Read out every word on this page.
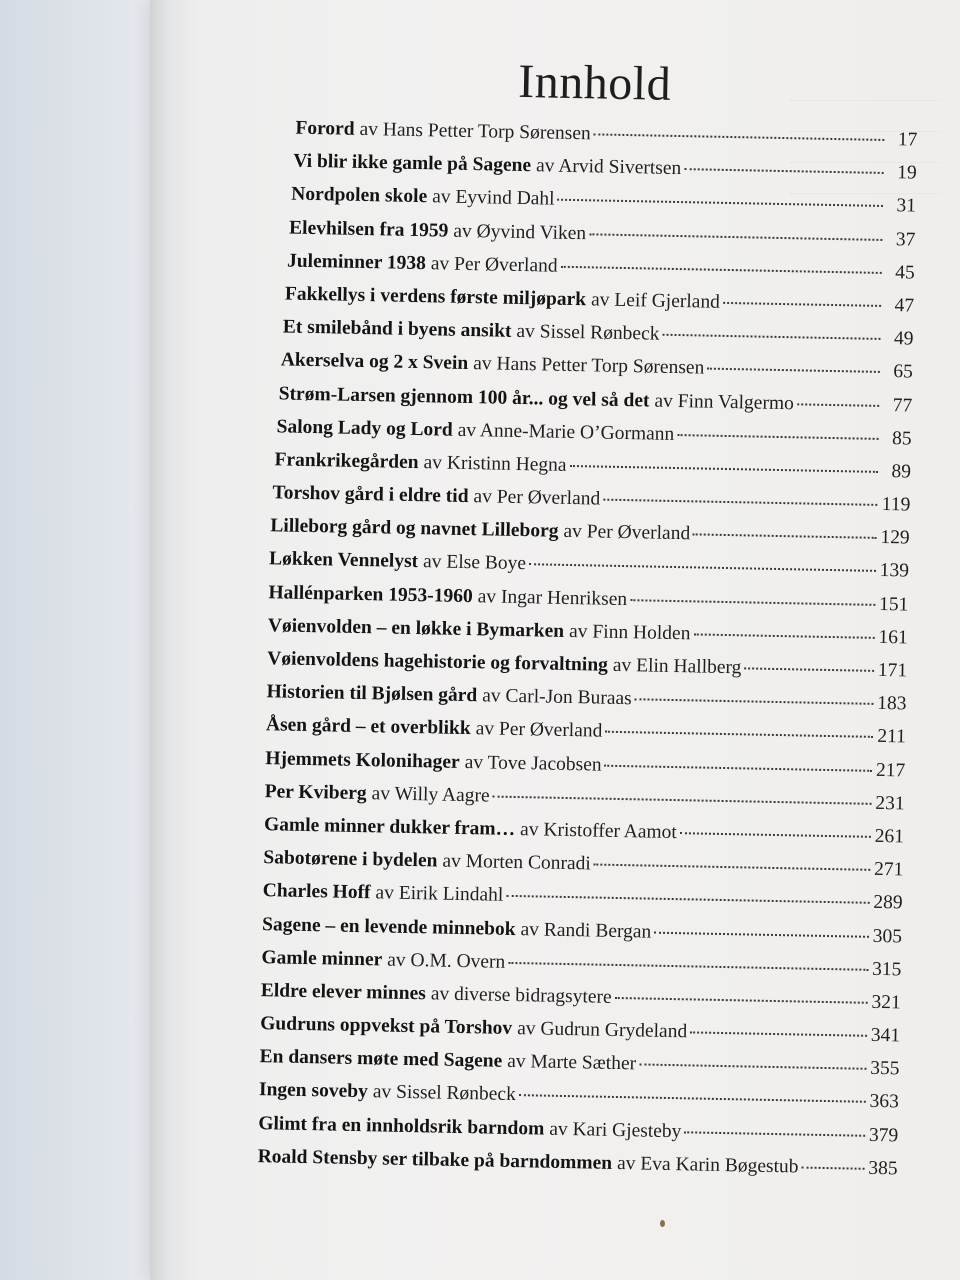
Innhold
Forord av Hans Petter Torp Sørensen	17
Vi blir ikke gamle på Sagene av Arvid Sivertsen	19
Nordpolen skole av Eyvind Dahl	31
Elevhilsen fra 1959 av Øyvind Viken	37
Juleminner 1938 av Per Øverland	45
Fakkellys i verdens første miljøpark av Leif Gjerland	47
Et smilebånd i byens ansikt av Sissel Rønbeck	49
Akerselva og 2 x Svein av Hans Petter Torp Sørensen	65
Strøm-Larsen gjennom 100 år... og vel så det av Finn Valgermo	77
Salong Lady og Lord av Anne-Marie O’Gormann	85
Frankrikegården av Kristinn Hegna	89
Torshov gård i eldre tid av Per Øverland	119
Lilleborg gård og navnet Lilleborg av Per Øverland	129
Løkken Vennelyst av Else Boye	139
Hallénparken 1953-1960 av Ingar Henriksen	151
Vøienvolden – en løkke i Bymarken av Finn Holden	161
Vøienvoldens hagehistorie og forvaltning av Elin Hallberg	171
Historien til Bjølsen gård av Carl-Jon Buraas	183
Åsen gård – et overblikk av Per Øverland	211
Hjemmets Kolonihager av Tove Jacobsen	217
Per Kviberg av Willy Aagre	231
Gamle minner dukker fram… av Kristoffer Aamot	261
Sabotørene i bydelen av Morten Conradi	271
Charles Hoff av Eirik Lindahl	289
Sagene – en levende minnebok av Randi Bergan	305
Gamle minner av O.M. Overn	315
Eldre elever minnes av diverse bidragsytere	321
Gudruns oppvekst på Torshov av Gudrun Grydeland	341
En dansers møte med Sagene av Marte Sæther	355
Ingen soveby av Sissel Rønbeck	363
Glimt fra en innholdsrik barndom av Kari Gjesteby	379
Roald Stensby ser tilbake på barndommen av Eva Karin Bøgestub	385
